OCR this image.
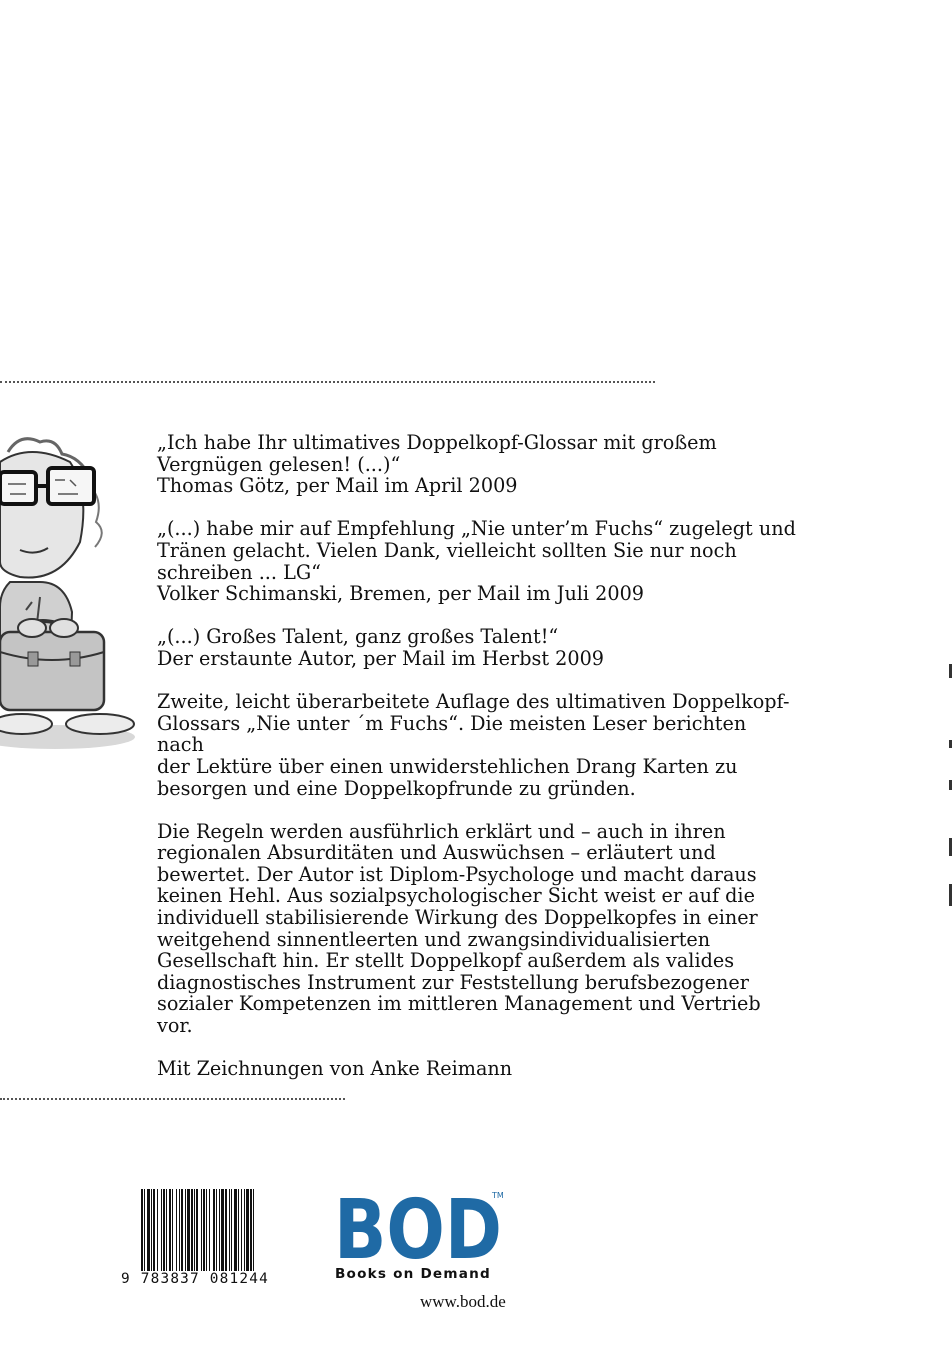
„Ich habe Ihr ultimatives Doppelkopf-Glossar mit großem
Vergnügen gelesen! (...)“
Thomas Götz, per Mail im April 2009

„(...) habe mir auf Empfehlung „Nie unter’m Fuchs“ zugelegt und
Tränen gelacht. Vielen Dank, vielleicht sollten Sie nur noch
schreiben ... LG“
Volker Schimanski, Bremen, per Mail im Juli 2009

„(...) Großes Talent, ganz großes Talent!“
Der erstaunte Autor, per Mail im Herbst 2009

Zweite, leicht überarbeitete Auflage des ultimativen Doppelkopf-
Glossars „Nie unter ´m Fuchs“. Die meisten Leser berichten nach
der Lektüre über einen unwiderstehlichen Drang Karten zu
besorgen und eine Doppelkopfrunde zu gründen.

Die Regeln werden ausführlich erklärt und – auch in ihren
regionalen Absurditäten und Auswüchsen – erläutert und
bewertet. Der Autor ist Diplom-Psychologe und macht daraus
keinen Hehl. Aus sozialpsychologischer Sicht weist er auf die
individuell stabilisierende Wirkung des Doppelkopfes in einer
weitgehend sinnentleerten und zwangsindividualisierten
Gesellschaft hin. Er stellt Doppelkopf außerdem als valides
diagnostisches Instrument zur Feststellung berufsbezogener
sozialer Kompetenzen im mittleren Management und Vertrieb
vor.

Mit Zeichnungen von Anke Reimann

9 783837 081244
BOD
TM
Books on Demand
www.bod.de
